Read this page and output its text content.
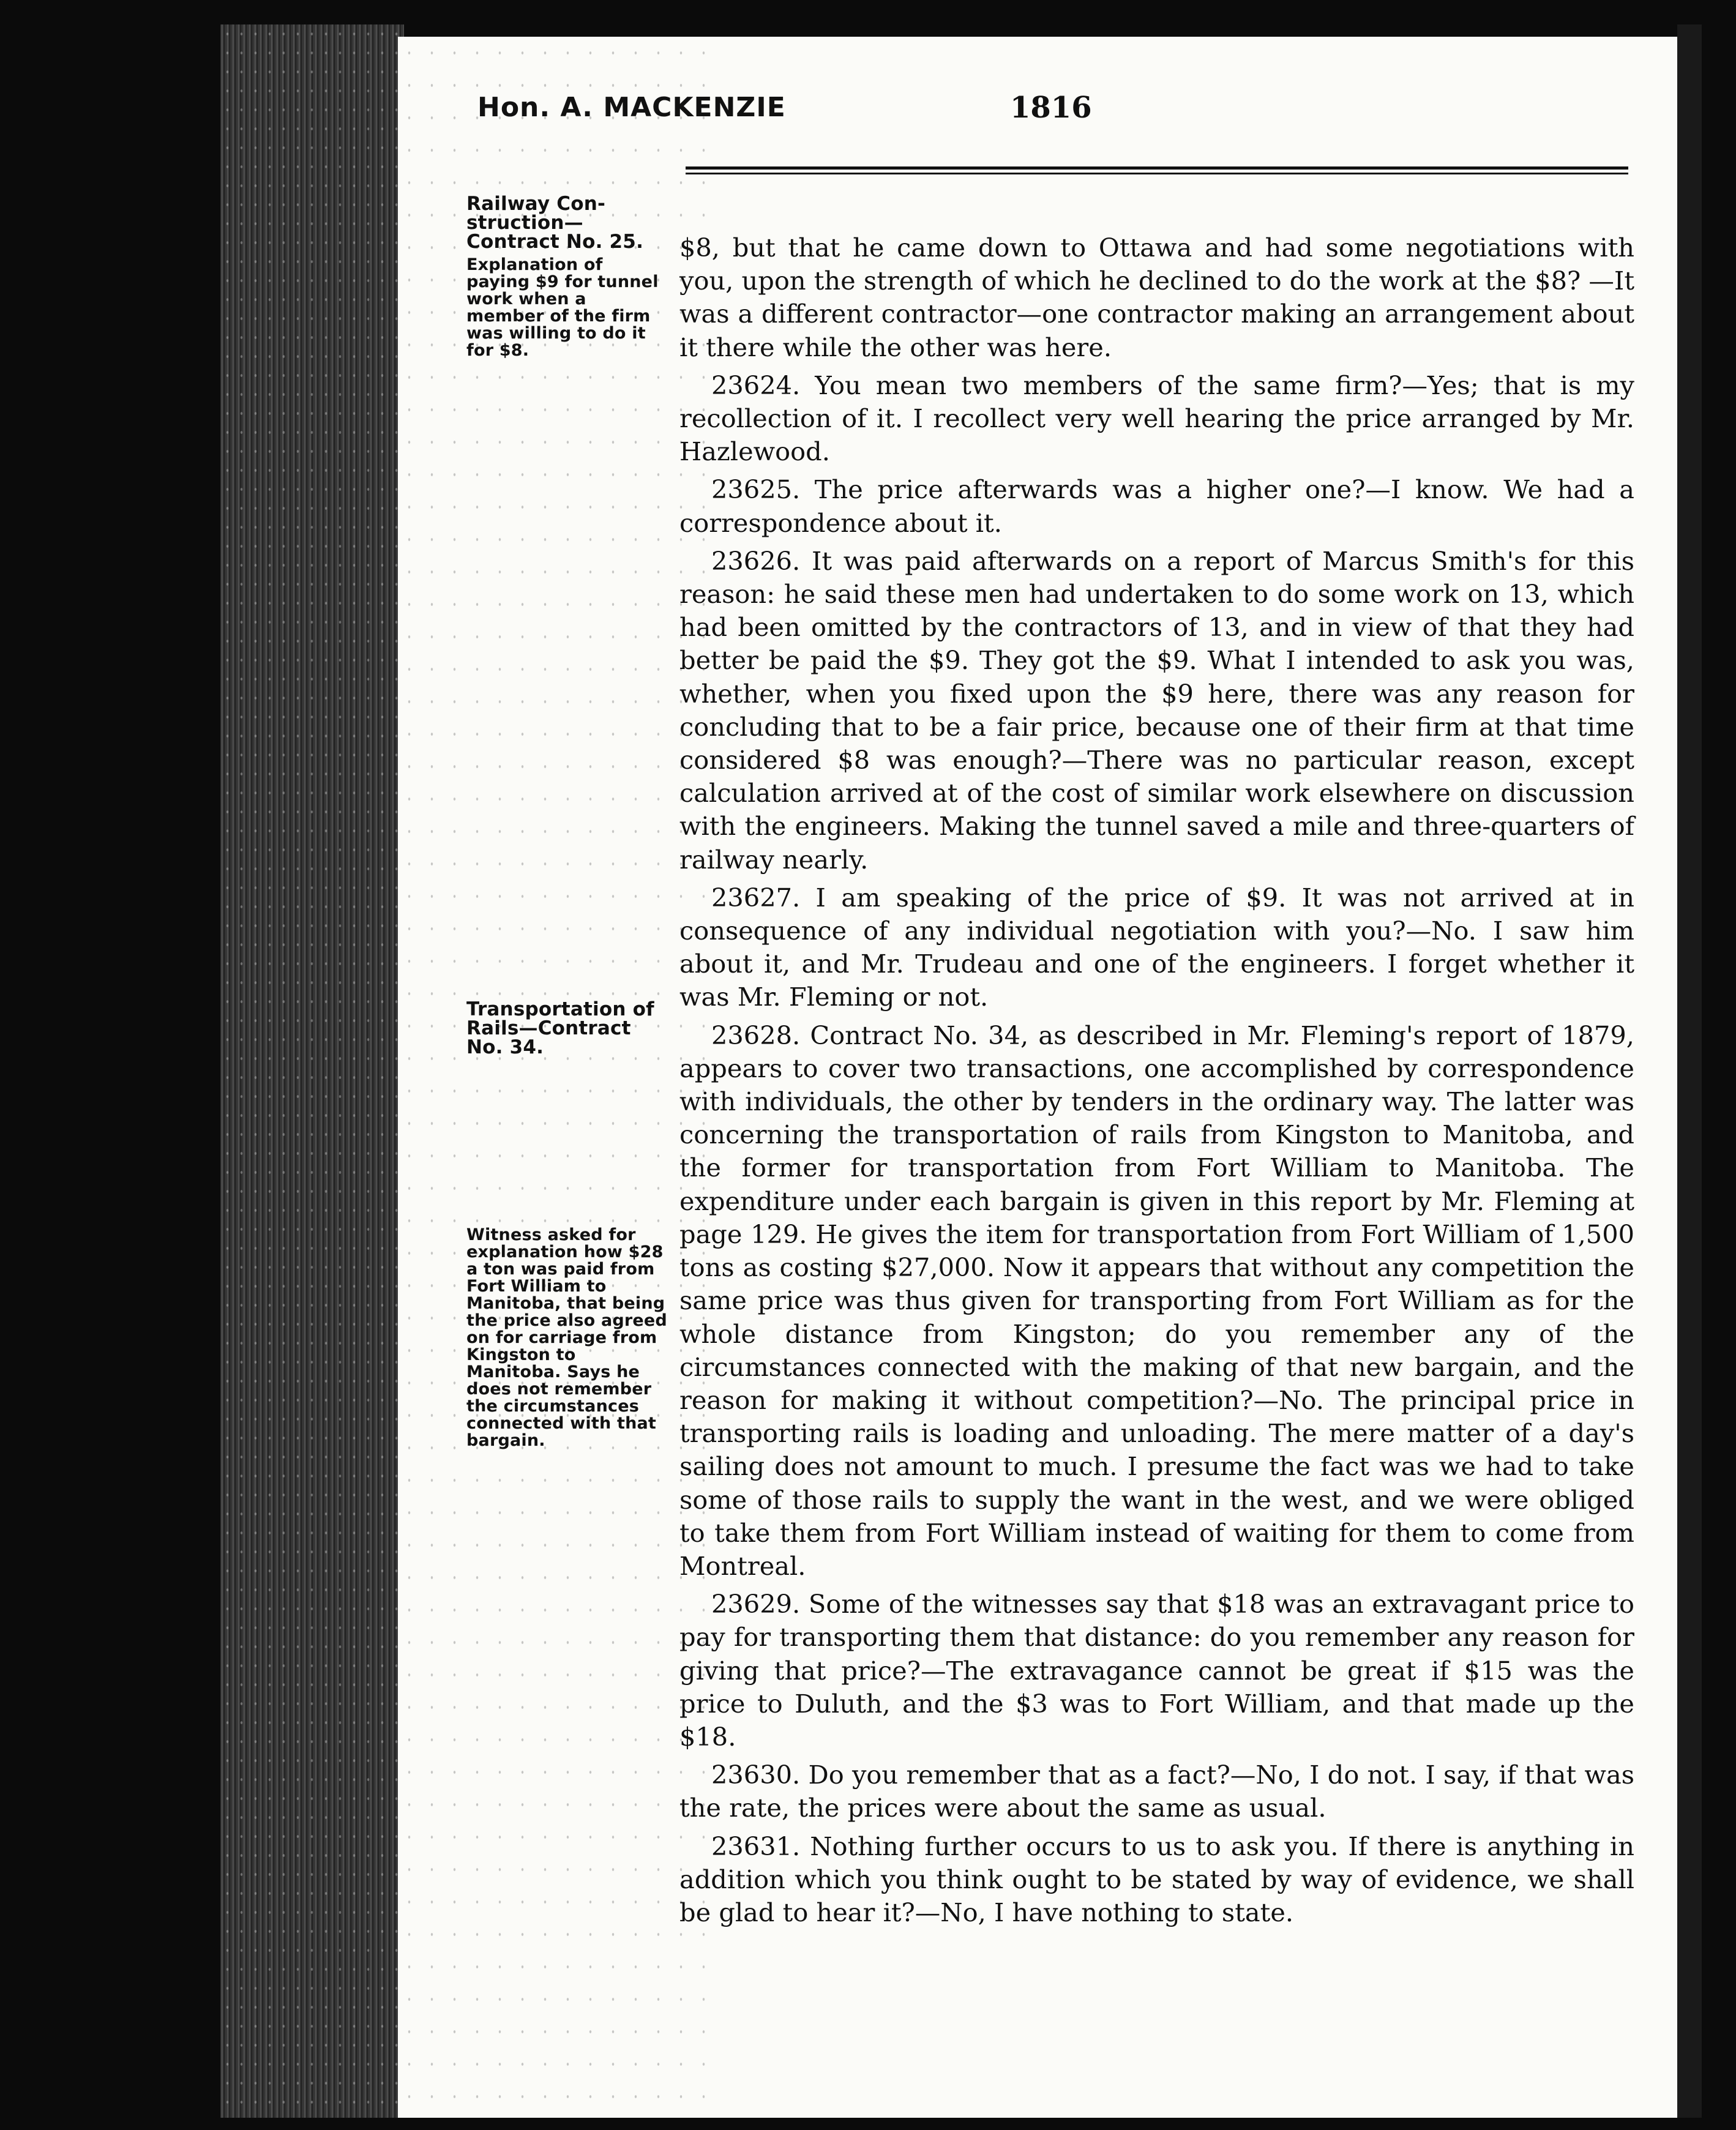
Hon. A. MACKENZIE	1816
Railway Con-struction—Contract No. 25.
Explanation of paying $9 for tunnel work when a member of the firm was willing to do it for $8.
Transportation of Rails—Contract No. 34.
Witness asked for explanation how $28 a ton was paid from Fort William to Manitoba, that being the price also agreed on for carriage from Kingston to Manitoba. Says he does not remember the circumstances connected with that bargain.

$8, but that he came down to Ottawa and had some negotiations with you, upon the strength of which he declined to do the work at the $8? —It was a different contractor—one contractor making an arrangement about it there while the other was here.

23624. You mean two members of the same firm?—Yes; that is my recollection of it. I recollect very well hearing the price arranged by Mr. Hazlewood.

23625. The price afterwards was a higher one?—I know. We had a correspondence about it.

23626. It was paid afterwards on a report of Marcus Smith's for this reason: he said these men had undertaken to do some work on 13, which had been omitted by the contractors of 13, and in view of that they had better be paid the $9. They got the $9. What I intended to ask you was, whether, when you fixed upon the $9 here, there was any reason for concluding that to be a fair price, because one of their firm at that time considered $8 was enough?—There was no particular reason, except calculation arrived at of the cost of similar work elsewhere on discussion with the engineers. Making the tunnel saved a mile and three-quarters of railway nearly.

23627. I am speaking of the price of $9. It was not arrived at in consequence of any individual negotiation with you?—No. I saw him about it, and Mr. Trudeau and one of the engineers. I forget whether it was Mr. Fleming or not.

23628. Contract No. 34, as described in Mr. Fleming's report of 1879, appears to cover two transactions, one accomplished by correspondence with individuals, the other by tenders in the ordinary way. The latter was concerning the transportation of rails from Kingston to Manitoba, and the former for transportation from Fort William to Manitoba. The expenditure under each bargain is given in this report by Mr. Fleming at page 129. He gives the item for transportation from Fort William of 1,500 tons as costing $27,000. Now it appears that without any competition the same price was thus given for transporting from Fort William as for the whole distance from Kingston; do you remember any of the circumstances connected with the making of that new bargain, and the reason for making it without competition?—No. The principal price in transporting rails is loading and unloading. The mere matter of a day's sailing does not amount to much. I presume the fact was we had to take some of those rails to supply the want in the west, and we were obliged to take them from Fort William instead of waiting for them to come from Montreal.

23629. Some of the witnesses say that $18 was an extravagant price to pay for transporting them that distance: do you remember any reason for giving that price?—The extravagance cannot be great if $15 was the price to Duluth, and the $3 was to Fort William, and that made up the $18.

23630. Do you remember that as a fact?—No, I do not. I say, if that was the rate, the prices were about the same as usual.

23631. Nothing further occurs to us to ask you. If there is anything in addition which you think ought to be stated by way of evidence, we shall be glad to hear it?—No, I have nothing to state.
